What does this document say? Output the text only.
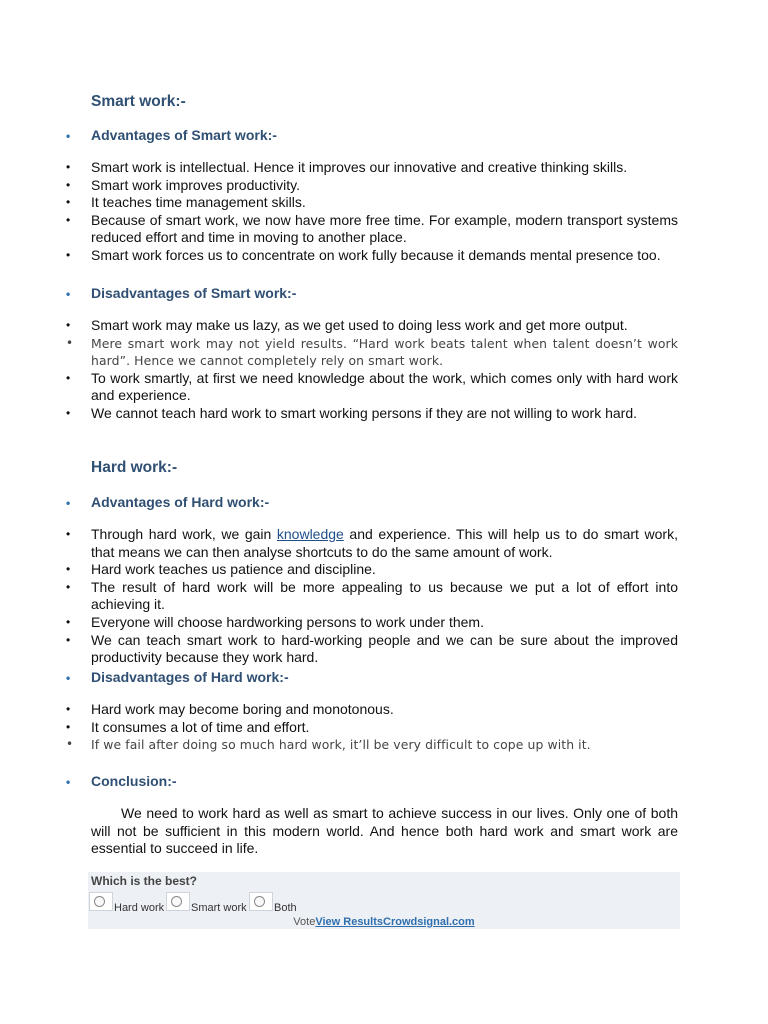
Smart work:-
• Advantages of Smart work:-
• Smart work is intellectual. Hence it improves our innovative and creative thinking skills.
• Smart work improves productivity.
• It teaches time management skills.
• Because of smart work, we now have more free time. For example, modern transport systems reduced effort and time in moving to another place.
• Smart work forces us to concentrate on work fully because it demands mental presence too.
• Disadvantages of Smart work:-
• Smart work may make us lazy, as we get used to doing less work and get more output.
• Mere smart work may not yield results. “Hard work beats talent when talent doesn’t work hard”. Hence we cannot completely rely on smart work.
• To work smartly, at first we need knowledge about the work, which comes only with hard work and experience.
• We cannot teach hard work to smart working persons if they are not willing to work hard.
Hard work:-
• Advantages of Hard work:-
• Through hard work, we gain knowledge and experience. This will help us to do smart work, that means we can then analyse shortcuts to do the same amount of work.
• Hard work teaches us patience and discipline.
• The result of hard work will be more appealing to us because we put a lot of effort into achieving it.
• Everyone will choose hardworking persons to work under them.
• We can teach smart work to hard-working people and we can be sure about the improved productivity because they work hard.
• Disadvantages of Hard work:-
• Hard work may become boring and monotonous.
• It consumes a lot of time and effort.
• If we fail after doing so much hard work, it’ll be very difficult to cope up with it.
• Conclusion:-

We need to work hard as well as smart to achieve success in our lives. Only one of both will not be sufficient in this modern world. And hence both hard work and smart work are essential to succeed in life.

Which is the best?
Hard work Smart work Both
VoteView ResultsCrowdsignal.com
